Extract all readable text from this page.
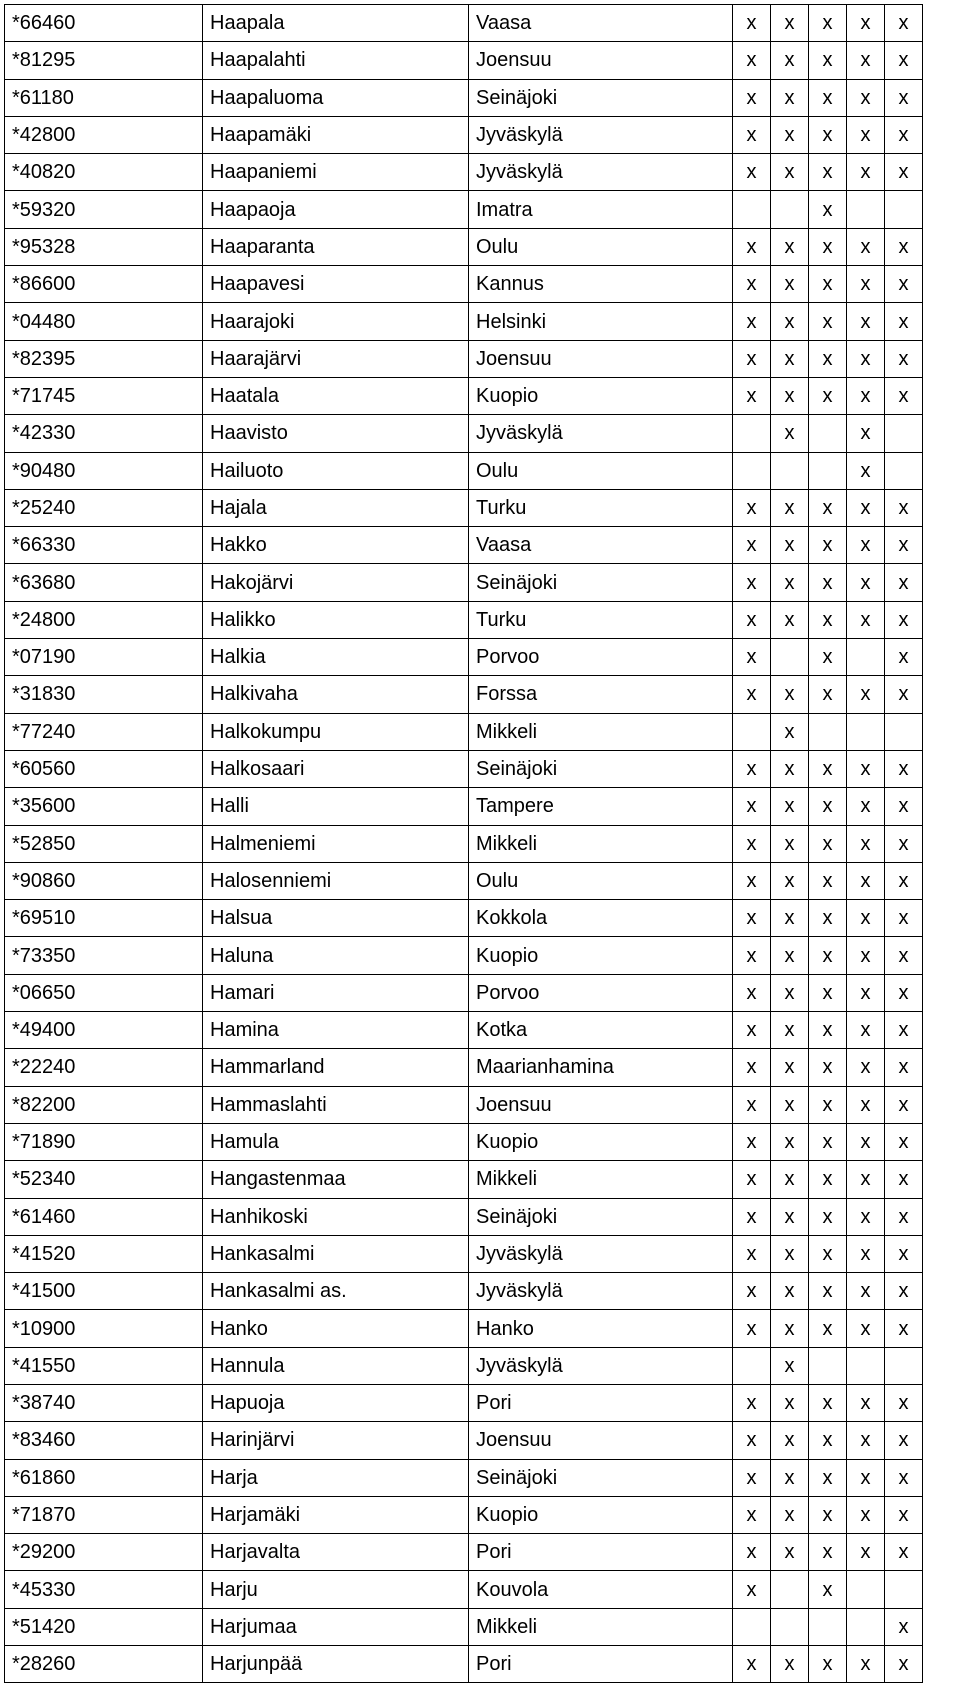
*66460	Haapala	Vaasa	x	x	x	x	x
*81295	Haapalahti	Joensuu	x	x	x	x	x
*61180	Haapaluoma	Seinäjoki	x	x	x	x	x
*42800	Haapamäki	Jyväskylä	x	x	x	x	x
*40820	Haapaniemi	Jyväskylä	x	x	x	x	x
*59320	Haapaoja	Imatra			x		
*95328	Haaparanta	Oulu	x	x	x	x	x
*86600	Haapavesi	Kannus	x	x	x	x	x
*04480	Haarajoki	Helsinki	x	x	x	x	x
*82395	Haarajärvi	Joensuu	x	x	x	x	x
*71745	Haatala	Kuopio	x	x	x	x	x
*42330	Haavisto	Jyväskylä		x		x	
*90480	Hailuoto	Oulu				x	
*25240	Hajala	Turku	x	x	x	x	x
*66330	Hakko	Vaasa	x	x	x	x	x
*63680	Hakojärvi	Seinäjoki	x	x	x	x	x
*24800	Halikko	Turku	x	x	x	x	x
*07190	Halkia	Porvoo	x		x		x
*31830	Halkivaha	Forssa	x	x	x	x	x
*77240	Halkokumpu	Mikkeli		x			
*60560	Halkosaari	Seinäjoki	x	x	x	x	x
*35600	Halli	Tampere	x	x	x	x	x
*52850	Halmeniemi	Mikkeli	x	x	x	x	x
*90860	Halosenniemi	Oulu	x	x	x	x	x
*69510	Halsua	Kokkola	x	x	x	x	x
*73350	Haluna	Kuopio	x	x	x	x	x
*06650	Hamari	Porvoo	x	x	x	x	x
*49400	Hamina	Kotka	x	x	x	x	x
*22240	Hammarland	Maarianhamina	x	x	x	x	x
*82200	Hammaslahti	Joensuu	x	x	x	x	x
*71890	Hamula	Kuopio	x	x	x	x	x
*52340	Hangastenmaa	Mikkeli	x	x	x	x	x
*61460	Hanhikoski	Seinäjoki	x	x	x	x	x
*41520	Hankasalmi	Jyväskylä	x	x	x	x	x
*41500	Hankasalmi as.	Jyväskylä	x	x	x	x	x
*10900	Hanko	Hanko	x	x	x	x	x
*41550	Hannula	Jyväskylä		x			
*38740	Hapuoja	Pori	x	x	x	x	x
*83460	Harinjärvi	Joensuu	x	x	x	x	x
*61860	Harja	Seinäjoki	x	x	x	x	x
*71870	Harjamäki	Kuopio	x	x	x	x	x
*29200	Harjavalta	Pori	x	x	x	x	x
*45330	Harju	Kouvola	x		x		
*51420	Harjumaa	Mikkeli					x
*28260	Harjunpää	Pori	x	x	x	x	x
